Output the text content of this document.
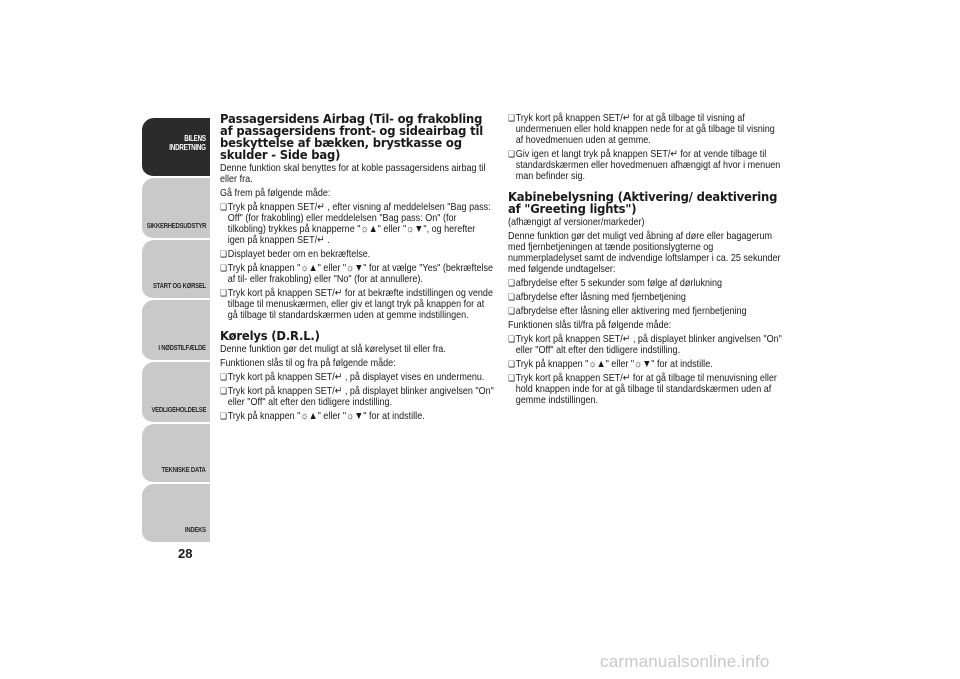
BILENS
INDRETNING
SIKKERHEDSUDSTYR
START OG KØRSEL
I NØDSTILFÆLDE
VEDLIGEHOLDELSE
TEKNISKE DATA
INDEKS
28
Passagersidens Airbag (Til- og frakobling af passagersidens front- og sideairbag til beskyttelse af bækken, brystkasse og skulder - Side bag)

Denne funktion skal benyttes for at koble passagersidens airbag til eller fra.

Gå frem på følgende måde:

❏ Tryk på knappen SET/↵ , efter visning af meddelelsen "Bag pass: Off" (for frakobling) eller meddelelsen "Bag pass: On" (for tilkobling) trykkes på knapperne "☼▲" eller "☼▼", og herefter igen på knappen SET/↵ .
❏ Displayet beder om en bekræftelse.
❏ Tryk på knappen "☼▲" eller "☼▼" for at vælge "Yes" (bekræftelse af til- eller frakobling) eller "No" (for at annullere).
❏ Tryk kort på knappen SET/↵ for at bekræfte indstillingen og vende tilbage til menuskærmen, eller giv et langt tryk på knappen for at gå tilbage til standardskærmen uden at gemme indstillingen.
Kørelys (D.R.L.)

Denne funktion gør det muligt at slå kørelyset til eller fra.

Funktionen slås til og fra på følgende måde:

❏ Tryk kort på knappen SET/↵ , på displayet vises en undermenu.
❏ Tryk kort på knappen SET/↵ , på displayet blinker angivelsen "On" eller "Off" alt efter den tidligere indstilling.
❏ Tryk på knappen "☼▲" eller "☼▼" for at indstille.
❏ Tryk kort på knappen SET/↵ for at gå tilbage til visning af undermenuen eller hold knappen nede for at gå tilbage til visning af hovedmenuen uden at gemme.
❏ Giv igen et langt tryk på knappen SET/↵ for at vende tilbage til standardskærmen eller hovedmenuen afhængigt af hvor i menuen man befinder sig.
Kabinebelysning (Aktivering/ deaktivering af "Greeting lights")

(afhængigt af versioner/markeder)

Denne funktion gør det muligt ved åbning af døre eller bagagerum med fjernbetjeningen at tænde positionslygterne og nummerpladelyset samt de indvendige loftslamper i ca. 25 sekunder med følgende undtagelser:

❏ afbrydelse efter 5 sekunder som følge af dørlukning
❏ afbrydelse efter låsning med fjernbetjening
❏ afbrydelse efter låsning eller aktivering med fjernbetjening

Funktionen slås til/fra på følgende måde:

❏ Tryk kort på knappen SET/↵ , på displayet blinker angivelsen "On" eller "Off" alt efter den tidligere indstilling.
❏ Tryk på knappen "☼▲" eller "☼▼" for at indstille.
❏ Tryk kort på knappen SET/↵ for at gå tilbage til menuvisning eller hold knappen inde for at gå tilbage til standardskærmen uden af gemme indstillingen.
carmanualsonline.info
